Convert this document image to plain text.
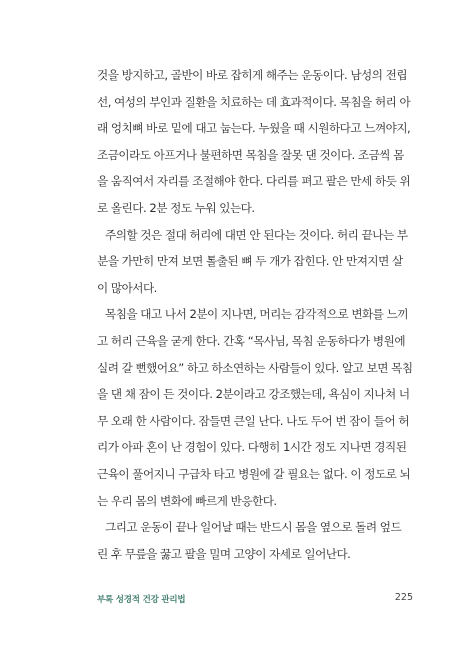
것을 방지하고, 골반이 바로 잡히게 해주는 운동이다. 남성의 전립
선, 여성의 부인과 질환을 치료하는 데 효과적이다. 목침을 허리 아
래 엉치뼈 바로 밑에 대고 눕는다. 누웠을 때 시원하다고 느껴야지,
조금이라도 아프거나 불편하면 목침을 잘못 댄 것이다. 조금씩 몸
을 움직여서 자리를 조절해야 한다. 다리를 펴고 팔은 만세 하듯 위
로 올린다. 2분 정도 누워 있는다.

주의할 것은 절대 허리에 대면 안 된다는 것이다. 허리 끝나는 부
분을 가만히 만져 보면 톨출된 뼈 두 개가 잡힌다. 안 만져지면 살
이 많아서다.

목침을 대고 나서 2분이 지나면, 머리는 감각적으로 변화를 느끼
고 허리 근육을 굳게 한다. 간혹 “목사님, 목침 운동하다가 병원에
실려 갈 뻔했어요” 하고 하소연하는 사람들이 있다. 알고 보면 목침
을 댄 채 잠이 든 것이다. 2분이라고 강조했는데, 욕심이 지나쳐 너
무 오래 한 사람이다. 잠들면 큰일 난다. 나도 두어 번 잠이 들어 허
리가 아파 혼이 난 경험이 있다. 다행히 1시간 정도 지나면 경직된
근육이 풀어지니 구급차 타고 병원에 갈 필요는 없다. 이 정도로 뇌
는 우리 몸의 변화에 빠르게 반응한다.

그리고 운동이 끝나 일어날 때는 반드시 몸을 옆으로 돌려 엎드
린 후 무릎을 꿇고 팔을 밀며 고양이 자세로 일어난다.

부록 성경적 건강 관리법	225
